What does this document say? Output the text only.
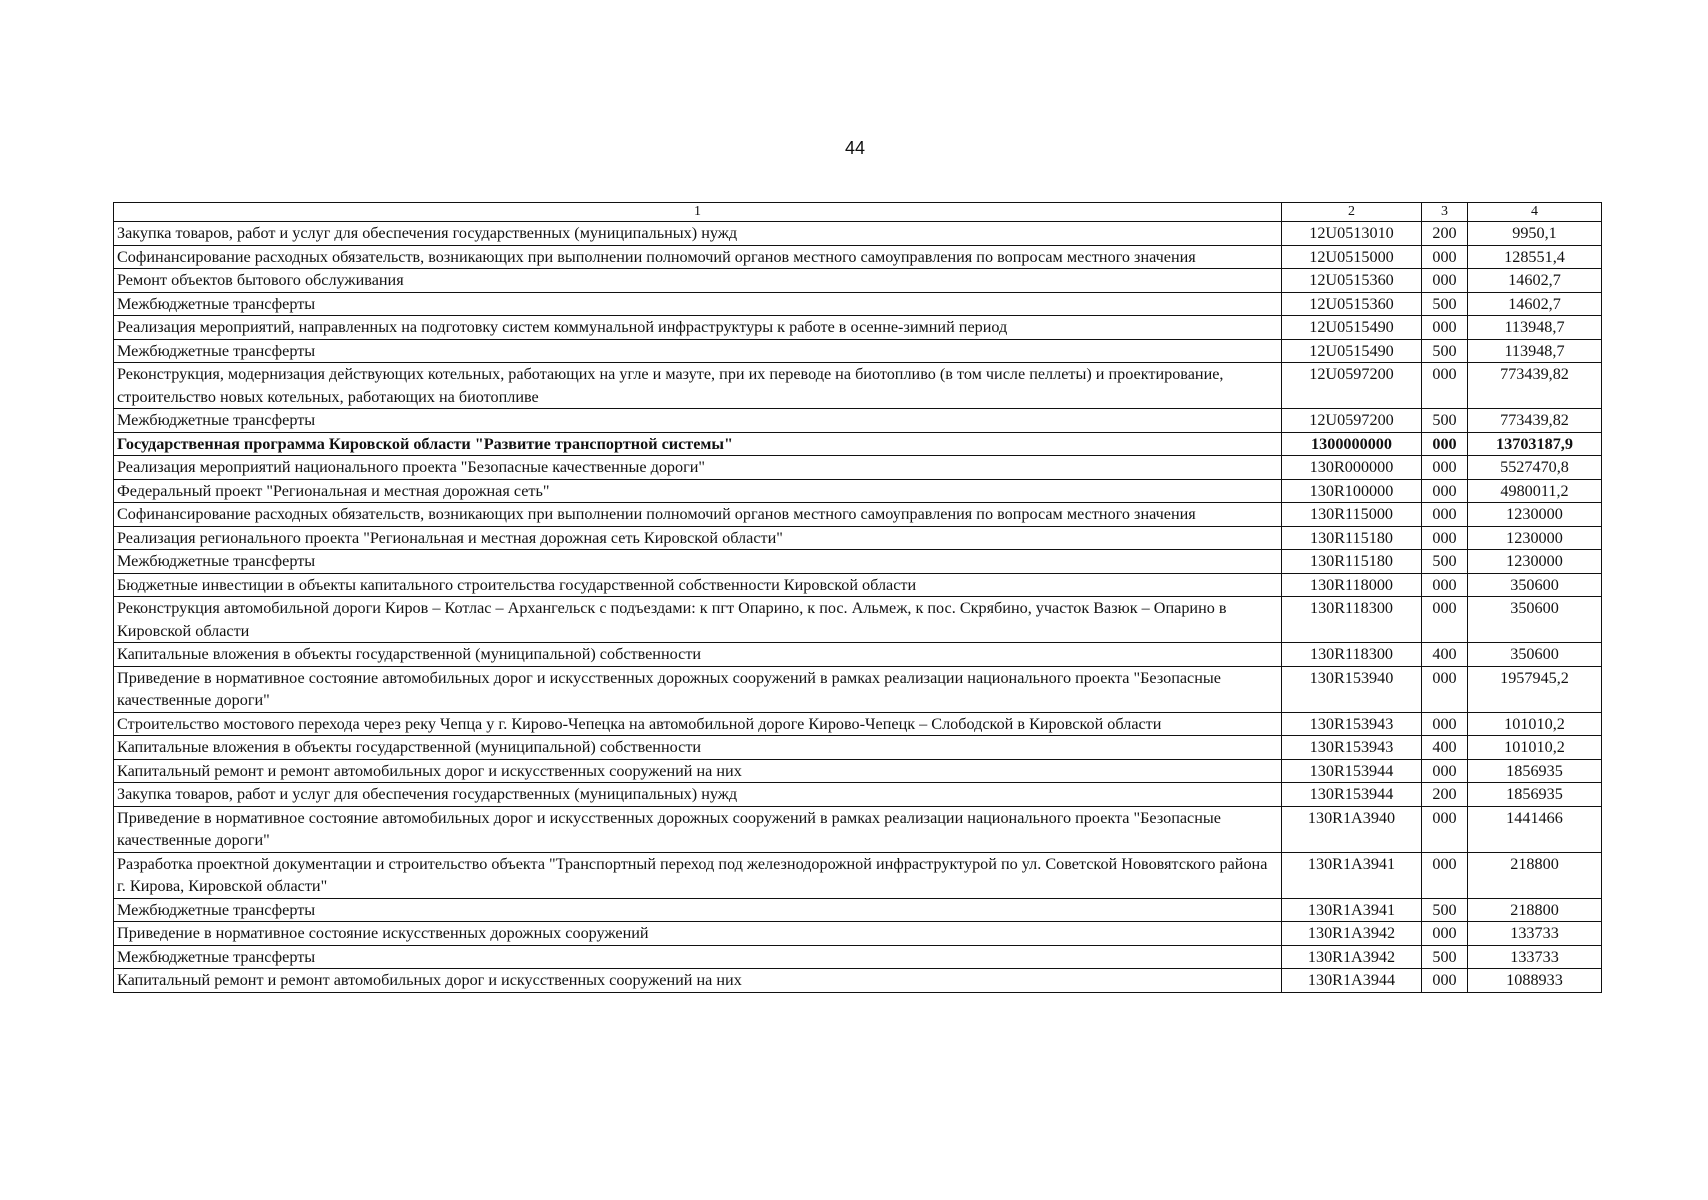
44
1	2	3	4
Закупка товаров, работ и услуг для обеспечения государственных (муниципальных) нужд	12U0513010	200	9950,1
Софинансирование расходных обязательств, возникающих при выполнении полномочий органов местного самоуправления по вопросам местного значения	12U0515000	000	128551,4
Ремонт объектов бытового обслуживания	12U0515360	000	14602,7
Межбюджетные трансферты	12U0515360	500	14602,7
Реализация мероприятий, направленных на подготовку систем коммунальной инфраструктуры к работе в осенне-зимний период	12U0515490	000	113948,7
Межбюджетные трансферты	12U0515490	500	113948,7
Реконструкция, модернизация действующих котельных, работающих на угле и мазуте, при их переводе на биотопливо (в том числе пеллеты) и проектирование, строительство новых котельных, работающих на биотопливе	12U0597200	000	773439,82
Межбюджетные трансферты	12U0597200	500	773439,82
Государственная программа Кировской области "Развитие транспортной системы"	1300000000	000	13703187,9
Реализация мероприятий национального проекта "Безопасные качественные дороги"	130R000000	000	5527470,8
Федеральный проект "Региональная и местная дорожная сеть"	130R100000	000	4980011,2
Софинансирование расходных обязательств, возникающих при выполнении полномочий органов местного самоуправления по вопросам местного значения	130R115000	000	1230000
Реализация регионального проекта "Региональная и местная дорожная сеть Кировской области"	130R115180	000	1230000
Межбюджетные трансферты	130R115180	500	1230000
Бюджетные инвестиции в объекты капитального строительства государственной собственности Кировской области	130R118000	000	350600
Реконструкция автомобильной дороги Киров – Котлас – Архангельск с подъездами: к пгт Опарино, к пос. Альмеж, к пос. Скрябино, участок Вазюк – Опарино в Кировской области	130R118300	000	350600
Капитальные вложения в объекты государственной (муниципальной) собственности	130R118300	400	350600
Приведение в нормативное состояние автомобильных дорог и искусственных дорожных сооружений в рамках реализации национального проекта "Безопасные качественные дороги"	130R153940	000	1957945,2
Строительство мостового перехода через реку Чепца у г. Кирово-Чепецка на автомобильной дороге Кирово-Чепецк – Слободской в Кировской области	130R153943	000	101010,2
Капитальные вложения в объекты государственной (муниципальной) собственности	130R153943	400	101010,2
Капитальный ремонт и ремонт автомобильных дорог и искусственных сооружений на них	130R153944	000	1856935
Закупка товаров, работ и услуг для обеспечения государственных (муниципальных) нужд	130R153944	200	1856935
Приведение в нормативное состояние автомобильных дорог и искусственных дорожных сооружений в рамках реализации национального проекта "Безопасные качественные дороги"	130R1A3940	000	1441466
Разработка проектной документации и строительство объекта "Транспортный переход под железнодорожной инфраструктурой по ул. Советской Нововятского района г. Кирова, Кировской области"	130R1A3941	000	218800
Межбюджетные трансферты	130R1A3941	500	218800
Приведение в нормативное состояние искусственных дорожных сооружений	130R1A3942	000	133733
Межбюджетные трансферты	130R1A3942	500	133733
Капитальный ремонт и ремонт автомобильных дорог и искусственных сооружений на них	130R1A3944	000	1088933
